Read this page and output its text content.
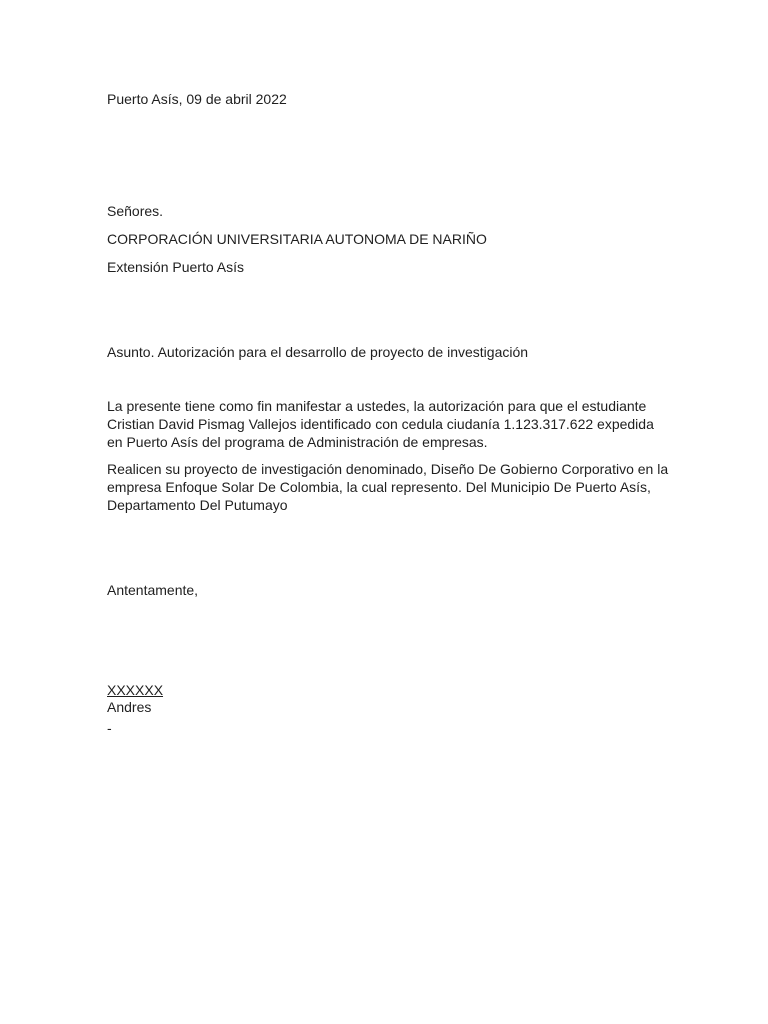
Puerto Asís, 09 de abril 2022
Señores.
CORPORACIÓN UNIVERSITARIA AUTONOMA DE NARIÑO
Extensión Puerto Asís
Asunto. Autorización para el desarrollo de proyecto de investigación
La presente tiene como fin manifestar a ustedes, la autorización para que el estudiante
Cristian David Pismag Vallejos identificado con cedula ciudanía 1.123.317.622 expedida
en Puerto Asís del programa de Administración de empresas.
Realicen su proyecto de investigación denominado, Diseño De Gobierno Corporativo en la
empresa Enfoque Solar De Colombia, la cual represento. Del Municipio De Puerto Asís,
Departamento Del Putumayo
Antentamente,
XXXXXX
Andres
-
